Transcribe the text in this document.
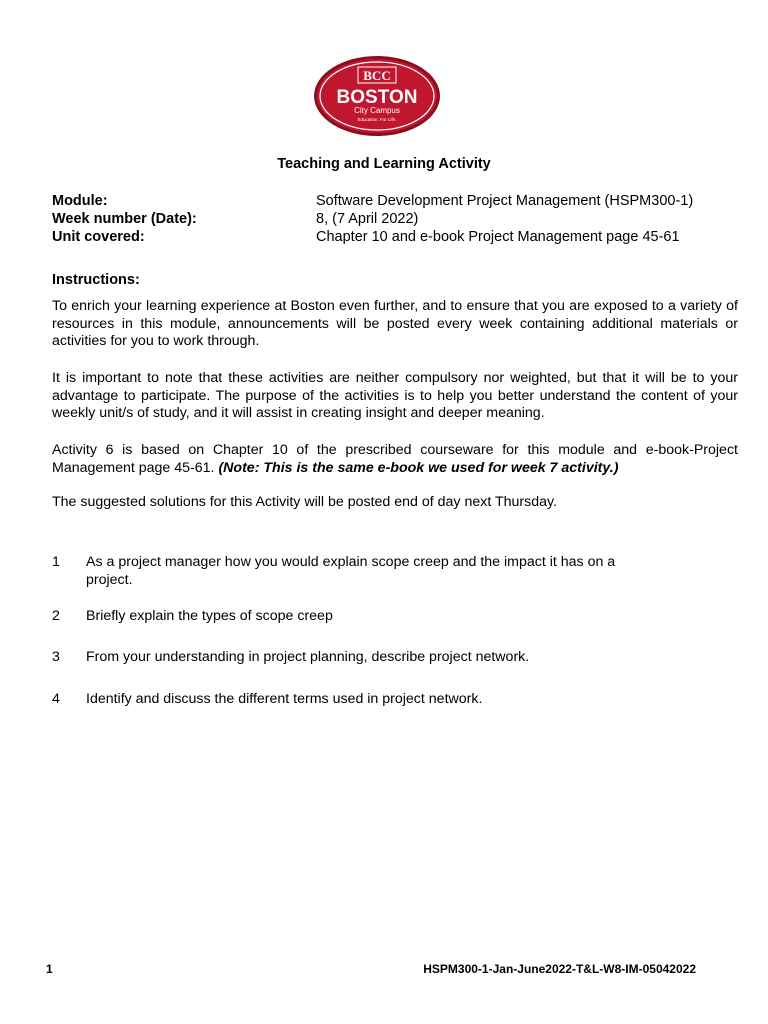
BCC
BOSTON
City Campus
Education. For Life.
Teaching and Learning Activity
Module:	Software Development Project Management (HSPM300-1)
Week number (Date):	8, (7 April 2022)
Unit covered:	Chapter 10 and e-book Project Management page 45-61
Instructions:
To enrich your learning experience at Boston even further, and to ensure that you are exposed to a variety of resources in this module, announcements will be posted every week containing additional materials or activities for you to work through.
It is important to note that these activities are neither compulsory nor weighted, but that it will be to your advantage to participate. The purpose of the activities is to help you better understand the content of your weekly unit/s of study, and it will assist in creating insight and deeper meaning.
Activity 6 is based on Chapter 10 of the prescribed courseware for this module and e-book-Project Management page 45-61. (Note: This is the same e-book we used for week 7 activity.)
The suggested solutions for this Activity will be posted end of day next Thursday.
1 As a project manager how you would explain scope creep and the impact it has on a project.
2 Briefly explain the types of scope creep
3 From your understanding in project planning, describe project network.
4 Identify and discuss the different terms used in project network.
1	HSPM300-1-Jan-June2022-T&L-W8-IM-05042022
